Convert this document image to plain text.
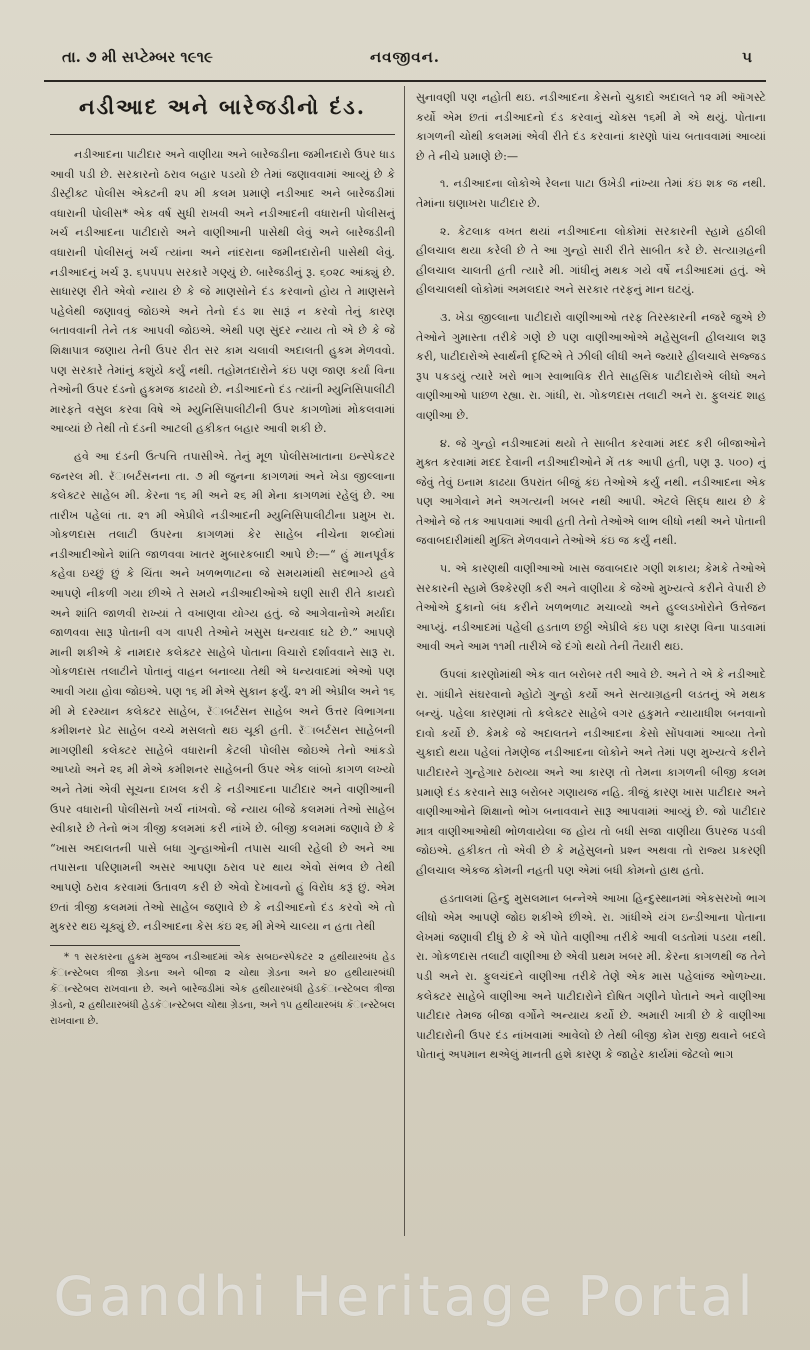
તા. ૭ મી સપ્ટેમ્બર ૧૯૧૯	નવજીવન.	૫
નડીઆદ અને બારેજડીનો દંડ.

નડીઆદના પાટીદાર અને વાણીયા અને બારેજડીના જમીનદારો ઉપર ધાડ આવી પડી છે. સરકારનો ઠરાવ બહાર પડયો છે તેમાં જણાવવામાં આવ્યું છે કે ડીસ્ટ્રીક્ટ પોલીસ એક્ટની ૨૫ મી કલમ પ્રમાણે નડીઆદ અને બારેજડીમાં વધારાની પોલીસ* એક વર્ષ સુધી રાખવી અને નડીઆદની વધારાની પોલીસનું ખર્ચ નડીઆદના પાટીદારો અને વાણીઆની પાસેથી લેવું અને બારેજડીની વધારાની પોલીસનું ખર્ચ ત્યાંના અને નાંદરાના જમીનદારોની પાસેથી લેવું. નડીઆદનું ખર્ચ રૂ. ૬૫૫૫૫ સરકારે ગણ્યું છે. બારેજડીનું રૂ. ૬૦૨૮ આંક્યું છે. સાધારણ રીતે એવો ન્યાય છે કે જે માણસોને દંડ કરવાનો હોય તે માણસને પહેલેથી જણાવવું જોઇએ અને તેનો દંડ શા સારૂં ન કરવો તેનું કારણ બતાવવાની તેને તક આપવી જોઇએ. એથી પણ સુંદર ન્યાય તો એ છે કે જે શિક્ષાપાત્ર જણાય તેની ઉપર રીત સર કામ ચલાવી અદાલતી હુકમ મેળવવો. પણ સરકારે તેમાંનું કશુંયે કર્યું નથી. તહોમતદારોને કંઇ પણ જાણ કર્યા વિના તેઓની ઉપર દંડનો હુકમજ કાઢયો છે. નડીઆદનો દંડ ત્યાંની મ્યુનિસિપાલીટી મારફતે વસુલ કરવા વિષે એ મ્યુનિસિપાલીટીની ઉપર કાગળોમાં મોકલવામાં આવ્યાં છે તેથી તો દંડની આટલી હકીકત બહાર આવી શકી છે.

હવે આ દંડની ઉત્પત્તિ તપાસીએ. તેનું મૂળ પોલીસખાતાના ઇન્સ્પેકટર જનરલ મી. રૅાબર્ટસનના તા. ૭ મી જુનના કાગળમાં અને ખેડા જીલ્લાના કલેક્ટર સાહેબ મી. કેરના ૧૬ મી અને ૨૬ મી મેના કાગળમાં રહેલું છે. આ તારીખ પહેલાં તા. ૨૧ મી એપ્રીલે નડીઆદની મ્યુનિસિપાલીટીના પ્રમુખ રા. ગોકળદાસ તલાટી ઉપરના કાગળમાં કેર સાહેબ નીચેના શબ્દોમાં નડીઆદીઓને શાંતિ જાળવવા ખાતર મુબારકબાદી આપે છે:—“ હું માનપૂર્વક કહેવા ઇચ્છું છું કે ચિંતા અને ખળભળાટના જે સમયમાંથી સદભાગ્યે હવે આપણે નીકળી ગયા છીએ તે સમયે નડીઆદીઓએ ઘણી સારી રીતે કાયદો અને શાંતિ જાળવી રાખ્યાં તે વખાણવા યોગ્ય હતું. જે આગેવાનોએ મર્યાદા જાળવવા સારૂ પોતાની વગ વાપરી તેઓને ખસુસ ધન્યવાદ ઘટે છે.” આપણે માની શકીએ કે નામદાર કલેક્ટર સાહેબે પોતાના વિચારો દર્શાવવાને સારૂ રા. ગોકળદાસ તલાટીને પોતાનું વાહન બનાવ્યા તેથી એ ધન્યવાદમાં એઓ પણ આવી ગયા હોવા જોઇએ. પણ ૧૬ મી મેએ સુકાન ફર્યું. ૨૧ મી એપ્રીલ અને ૧૬ મી મે દરમ્યાન કલેક્ટર સાહેબ, રૅાબર્ટસન સાહેબ અને ઉત્તર વિભાગના કમીશનર પ્રેટ સાહેબ વચ્ચે મસલતો થઇ ચૂકી હતી. રૅાબર્ટસન સાહેબની માગણીથી કલેક્ટર સાહેબે વધારાની કેટલી પોલીસ જોઇએ તેનો આંકડો આપ્યો અને ૨૬ મી મેએ કમીશનર સાહેબની ઉપર એક લાંબો કાગળ લખ્યો અને તેમાં એવી સૂચના દાખલ કરી કે નડીઆદના પાટીદાર અને વાણીઆની ઉપર વધારાની પોલીસનો ખર્ચ નાંખવો. જે ન્યાય બીજે કલમમાં તેઓ સાહેબ સ્વીકારે છે તેનો ભંગ ત્રીજી કલમમાં કરી નાંખે છે. બીજી કલમમાં જણાવે છે કે “ખાસ અદાલતની પાસે બધા ગુન્હાઓની તપાસ ચાલી રહેલી છે અને આ તપાસના પરિણામની અસર આપણા ઠરાવ પર થાય એવો સંભવ છે તેથી આપણે ઠરાવ કરવામાં ઉતાવળ કરી છે એવો દેખાવનો હું વિરોધ કરૂં છું. એમ છતાં ત્રીજી કલમમાં તેઓ સાહેબ જણાવે છે કે નડીઆદનો દંડ કરવો એ તો મુકરર થઇ ચૂક્યું છે. નડીઆદના કેસ કંઇ ૨૬ મી મેએ ચાલ્યા ન હતા તેથી

* ૧ સરકારના હુકમ મુજબ નડીઆદમાં એક સબઇન્સ્પેકટર ૨ હથીયારબંધ હેડ કૅાન્સ્ટેબલ ત્રીજા ગ્રેડના અને બીજા ૨ ચોથા ગ્રેડના અને ૪૦ હથીયારબંધી કૅાન્સ્ટેબલ રાખવાના છે. અને બારેજડીમાં એક હથીયારબંધી હેડકૅાન્સ્ટેબલ ત્રીજા ગ્રેડનો, ૨ હથીયારબંધી હેડકૅાન્સ્ટેબલ ચોથા ગ્રેડના, અને ૧૫ હથીયારબંધ કૅાન્સ્ટેબલ રાખવાના છે.

સુનાવણી પણ નહોતી થઇ. નડીઆદના કેસનો ચુકાદો અદાલતે ૧૨ મી ઑગસ્ટે કર્યો એમ છતાં નડીઆદનો દંડ કરવાનું ચોક્સ ૧૬મી મે એ થયું. પોતાના કાગળની ચોથી કલમમાં એવી રીતે દંડ કરવાનાં કારણો પાંચ બતાવવામાં આવ્યાં છે તે નીચે પ્રમાણે છે:—

૧. નડીઆદના લોકોએ રેલના પાટા ઉખેડી નાંખ્યા તેમાં કંઇ શક જ નથી. તેમાંના ઘણાખરા પાટીદાર છે.

૨. કેટલાક વખત થયાં નડીઆદના લોકોમાં સરકારની સ્હામે હઠીલી હીલચાલ થયા કરેલી છે તે આ ગુન્હો સારી રીતે સાબીત કરે છે. સત્યાગ્રહની હીલચાલ ચાલતી હતી ત્યારે મી. ગાંધીનું મથક ગયે વર્ષે નડીઆદમાં હતું. એ હીલચાલથી લોકોમાં અમલદાર અને સરકાર તરફનું માન ઘટયું.

૩. ખેડા જીલ્લાના પાટીદારો વાણીઆઓ તરફ તિરસ્કારની નજરે જુએ છે તેઓને ગુમાસ્તા તરીકે ગણે છે પણ વાણીઆઓએ મહેસુલની હીલચાલ શરૂ કરી, પાટીદારોએ સ્વાર્થની દૃષ્ટિએ તે ઝીલી લીધી અને જ્યારે હીલચાલે સજ્જડ રૂપ પકડયું ત્યારે ખરો ભાગ સ્વાભાવિક રીતે સાહસિક પાટીદારોએ લીધો અને વાણીઆઓ પાછળ રહ્યા. રા. ગાંધી, રા. ગોકળદાસ તલાટી અને રા. ફુલચંદ શાહ વાણીઆ છે.

૪. જે ગુન્હો નડીઆદમાં થયો તે સાબીત કરવામાં મદદ કરી બીજાઓને મુક્ત કરવામાં મદદ દેવાની નડીઆદીઓને મેં તક આપી હતી, પણ રૂ. ૫૦૦) નું જેવું તેવું ઇનામ કાઢયા ઉપરાંત બીજું કંઇ તેઓએ કર્યું નથી. નડીઆદના એક પણ આગેવાને મને અગત્યની ખબર નથી આપી. એટલે સિદ્ધ થાય છે કે તેઓને જે તક આપવામાં આવી હતી તેનો તેઓએ લાભ લીધો નથી અને પોતાની જવાબદારીમાંથી મુક્તિ મેળવવાને તેઓએ કંઇ જ કર્યું નથી.

૫. એ કારણથી વાણીઆઓ ખાસ જવાબદાર ગણી શકાય; કેમકે તેઓએ સરકારની સ્હામે ઉશ્કેરણી કરી અને વાણીયા કે જેઓ મુખ્યત્વે કરીને વેપારી છે તેઓએ દુકાનો બંધ કરીને ખળભળાટ મચાવ્યો અને હુલ્લડખોરોને ઉત્તેજન આપ્યું. નડીઆદમાં પહેલી હડતાળ છઠ્ઠી એપ્રીલે કંઇ પણ કારણ વિના પાડવામાં આવી અને આમ ૧૧મી તારીખે જે દંગો થયો તેની તૈયારી થઇ.

ઉપલાં કારણોમાંથી એક વાત બરોબર તરી આવે છે. અને તે એ કે નડીઆદે રા. ગાંધીને સંઘરવાનો મ્હોટો ગુન્હો કર્યો અને સત્યાગ્રહની લડતનું એ મથક બન્યું. પહેલા કારણમાં તો કલેક્ટર સાહેબે વગર હકુમતે ન્યાયાધીશ બનવાનો દાવો કર્યો છે. કેમકે જે અદાલતને નડીઆદના કેસો સોંપવામાં આવ્યા તેનો ચુકાદો થયા પહેલાં તેમણેજ નડીઆદના લોકોને અને તેમાં પણ મુખ્યત્વે કરીને પાટીદારને ગુન્હેગાર ઠરાવ્યા અને આ કારણ તો તેમના કાગળની બીજી કલમ પ્રમાણે દંડ કરવાને સારૂ બરોબર ગણાયજ નહિ. ત્રીજું કારણ ખાસ પાટીદાર અને વાણીઆઓને શિક્ષાનો ભોગ બનાવવાને સારૂ આપવામાં આવ્યું છે. જો પાટીદાર માત્ર વાણીઆઓથી ભોળવાયેલા જ હોય તો બધી સજા વાણીયા ઉપરજ પડવી જોઇએ. હકીકત તો એવી છે કે મહેસુલનો પ્રશ્ન અથવા તો રાજ્ય પ્રકરણી હીલચાલ એકજ કોમની નહતી પણ એમાં બધી કોમનો હાથ હતો.

હડતાલમાં હિન્દુ મુસલમાન બન્નેએ આખા હિન્દુસ્થાનમાં એકસરખો ભાગ લીધો એમ આપણે જોઇ શકીએ છીએ. રા. ગાંધીએ યંગ ઇન્ડીઆના પોતાના લેખમાં જણાવી દીધું છે કે એ પોતે વાણીઆ તરીકે આવી લડતોમાં પડયા નથી. રા. ગોકળદાસ તલાટી વાણીઆ છે એવી પ્રથમ ખબર મી. કેરના કાગળથી જ તેને પડી અને રા. ફુલચંદને વાણીઆ તરીકે તેણે એક માસ પહેલાંજ ઓળખ્યા. કલેક્ટર સાહેબે વાણીઆ અને પાટીદારોને દોષિત ગણીને પોતાને અને વાણીઆ પાટીદાર તેમજ બીજા વર્ગોને અન્યાય કર્યો છે. અમારી ખાત્રી છે કે વાણીઆ પાટીદારોની ઉપર દંડ નાંખવામાં આવેલો છે તેથી બીજી કોમ રાજી થવાને બદલે પોતાનું અપમાન થએલું માનતી હશે કારણ કે જાહેર કાર્યમાં જેટલો ભાગ

Gandhi Heritage Portal
